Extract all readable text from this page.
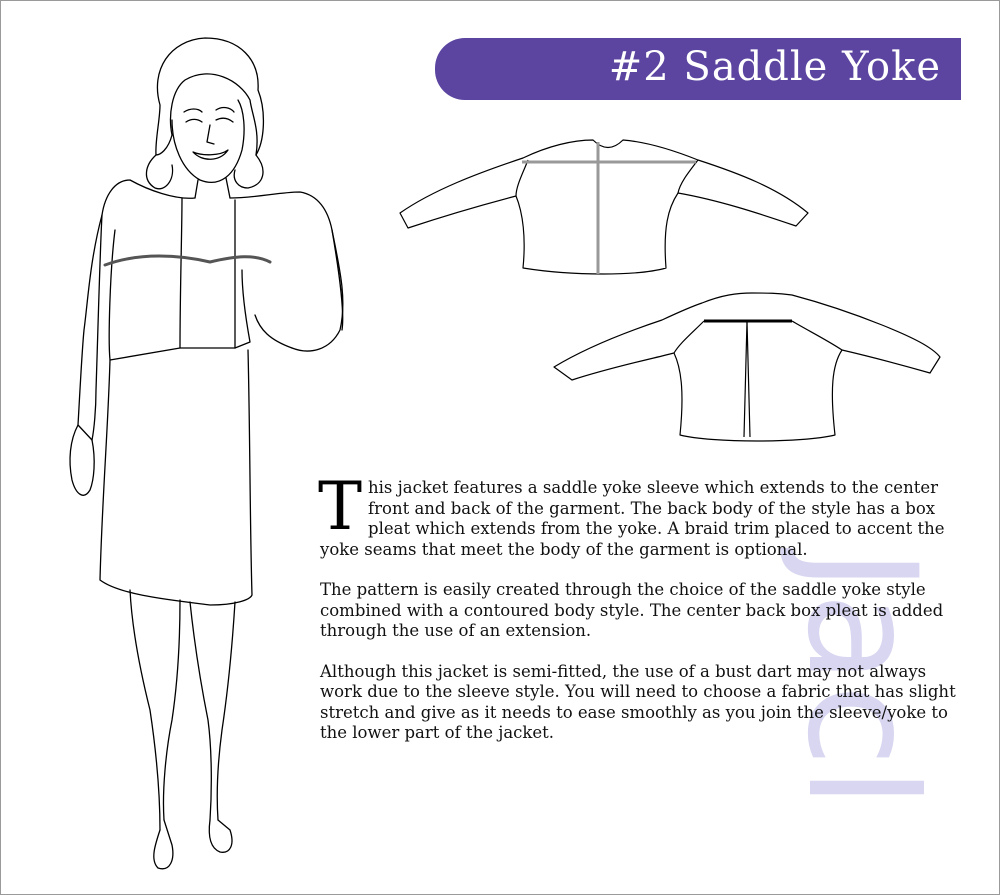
#2 Saddle Yoke
Jacl

This jacket features a saddle yoke sleeve which extends to the center front and back of the garment. The back body of the style has a box pleat which extends from the yoke. A braid trim placed to accent the yoke seams that meet the body of the garment is optional.

The pattern is easily created through the choice of the saddle yoke style combined with a contoured body style. The center back box pleat is added through the use of an extension.

Although this jacket is semi-fitted, the use of a bust dart may not always work due to the sleeve style. You will need to choose a fabric that has slight stretch and give as it needs to ease smoothly as you join the sleeve/yoke to the lower part of the jacket.
